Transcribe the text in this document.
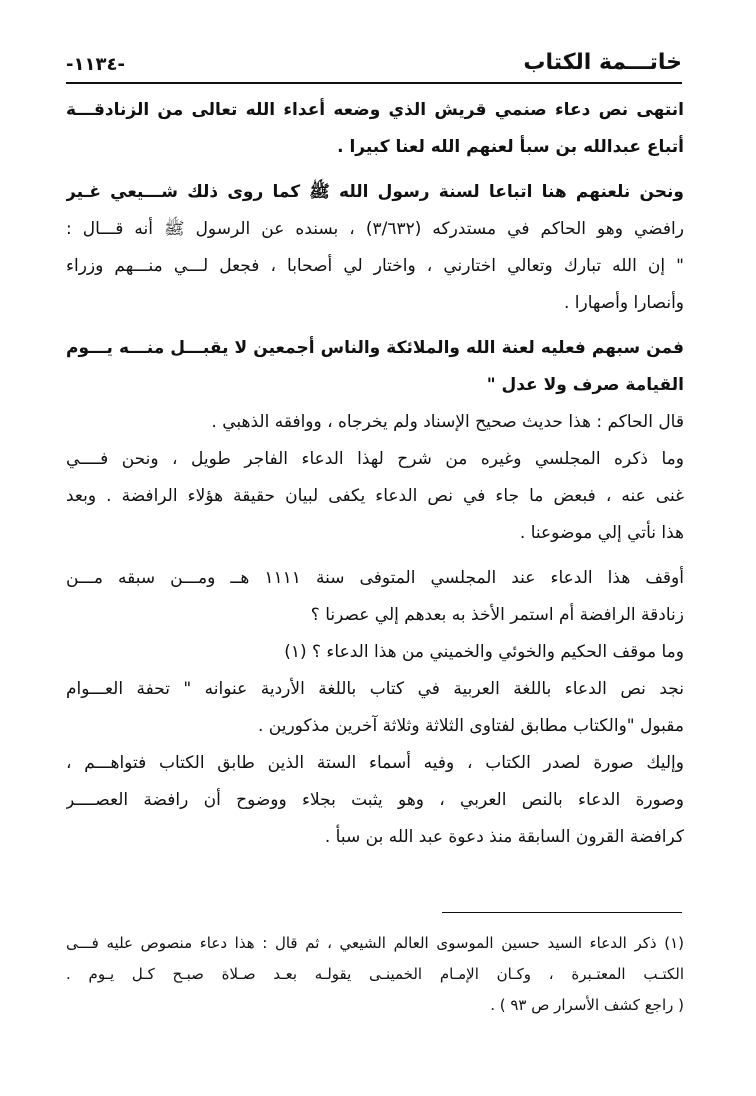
خاتـــمة الكتاب
-١١٣٤-
انتهى نص دعاء صنمي قريش الذي وضعه أعداء الله تعالى من الزنادقـــة
أتباع عبدالله بن سبأ لعنهم الله لعنا كبيرا .
ونحن نلعنهم هنا اتباعا لسنة رسول الله ﷺ كما روى ذلك شـــيعي غـير
رافضي وهو الحاكم في مستدركه (٣/٦٣٢) ، بسنده عن الرسول ﷺ أنه قـــال :
" إن الله تبارك وتعالي اختارني ، واختار لي أصحابا ، فجعل لـــي منـــهم وزراء
وأنصارا وأصهارا .
فمن سبهم فعليه لعنة الله والملائكة والناس أجمعين لا يقبـــل منـــه يـــوم
القيامة صرف ولا عدل "
قال الحاكم : هذا حديث صحيح الإسناد ولم يخرجاه ، ووافقه الذهبي .
وما ذكره المجلسي وغيره من شرح لهذا الدعاء الفاجر طويل ، ونحن فــــي
غنى عنه ، فبعض ما جاء في نص الدعاء يكفى لبيان حقيقة هؤلاء الرافضة . وبعد
هذا نأتي إلي موضوعنا .
أوقف هذا الدعاء عند المجلسي المتوفى سنة ١١١١ هــ ومـــن سبقه مـــن
زنادقة الرافضة أم استمر الأخذ به بعدهم إلي عصرنا ؟
وما موقف الحكيم والخوئي والخميني من هذا الدعاء ؟ (١)
نجد نص الدعاء باللغة العربية في كتاب باللغة الأردية عنوانه " تحفة العـــوام
مقبول "والكتاب مطابق لفتاوى الثلاثة وثلاثة آخرين مذكورين .
وإليك صورة لصدر الكتاب ، وفيه أسماء الستة الذين طابق الكتاب فتواهـــم ،
وصورة الدعاء بالنص العربي ، وهو يثبت بجلاء ووضوح أن رافضة العصــــر
كرافضة القرون السابقة منذ دعوة عبد الله بن سبأ .
(١) ذكر الدعاء السيد حسين الموسوى العالم الشيعي ، ثم قال : هذا دعاء منصوص عليه فـــى
الكتـب المعتـبرة ، وكـان الإمـام الخمينـى يقولـه بعـد صـلاة صبـح كـل يـوم .
( راجع كشف الأسرار ص ٩٣ ) .
